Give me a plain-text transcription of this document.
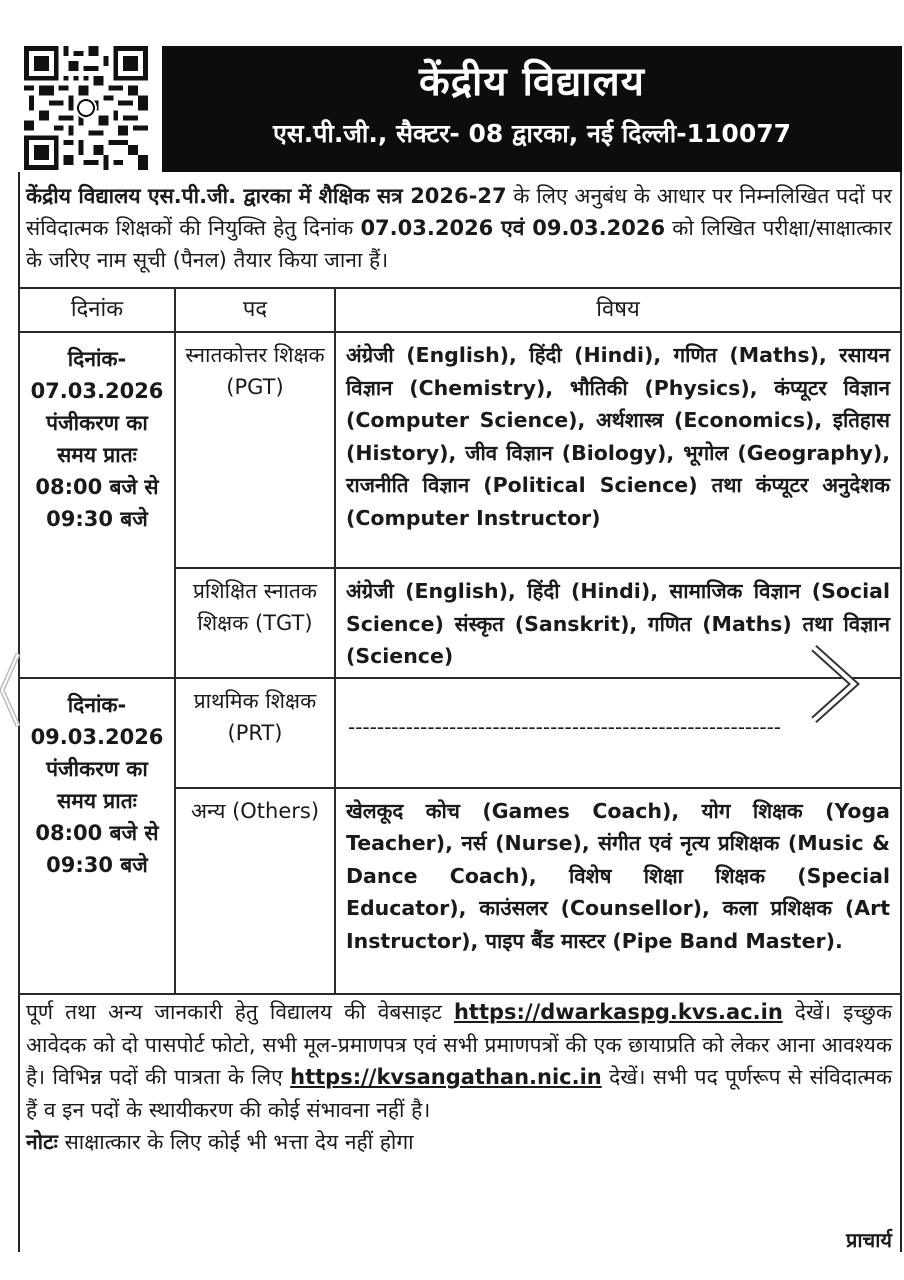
केंद्रीय विद्यालय
एस.पी.जी., सैक्टर- 08 द्वारका, नई दिल्ली-110077
केंद्रीय विद्यालय एस.पी.जी. द्वारका में शैक्षिक सत्र 2026-27 के लिए अनुबंध के आधार पर निम्नलिखित पदों पर संविदात्मक शिक्षकों की नियुक्ति हेतु दिनांक 07.03.2026 एवं 09.03.2026 को लिखित परीक्षा/साक्षात्कार के जरिए नाम सूची (पैनल) तैयार किया जाना हैं।
दिनांक	पद	विषय
दिनांक- 07.03.2026 पंजीकरण का समय प्रातः 08:00 बजे से 09:30 बजे	स्नातकोत्तर शिक्षक (PGT)	अंग्रेजी (English), हिंदी (Hindi), गणित (Maths), रसायन विज्ञान (Chemistry), भौतिकी (Physics), कंप्यूटर विज्ञान (Computer Science), अर्थशास्त्र (Economics), इतिहास (History), जीव विज्ञान (Biology), भूगोल (Geography), राजनीति विज्ञान (Political Science) तथा कंप्यूटर अनुदेशक (Computer Instructor)
	प्रशिक्षित स्नातक शिक्षक (TGT)	अंग्रेजी (English), हिंदी (Hindi), सामाजिक विज्ञान (Social Science) संस्कृत (Sanskrit), गणित (Maths) तथा विज्ञान (Science)
दिनांक- 09.03.2026 पंजीकरण का समय प्रातः 08:00 बजे से 09:30 बजे	प्राथमिक शिक्षक (PRT)	------------------------------------------------------------
	अन्य (Others)	खेलकूद कोच (Games Coach), योग शिक्षक (Yoga Teacher), नर्स (Nurse), संगीत एवं नृत्य प्रशिक्षक (Music & Dance Coach), विशेष शिक्षा शिक्षक (Special Educator), काउंसलर (Counsellor), कला प्रशिक्षक (Art Instructor), पाइप बैंड मास्टर (Pipe Band Master).
पूर्ण तथा अन्य जानकारी हेतु विद्यालय की वेबसाइट https://dwarkaspg.kvs.ac.in देखें। इच्छुक आवेदक को दो पासपोर्ट फोटो, सभी मूल-प्रमाणपत्र एवं सभी प्रमाणपत्रों की एक छायाप्रति को लेकर आना आवश्यक है। विभिन्न पदों की पात्रता के लिए https://kvsangathan.nic.in देखें। सभी पद पूर्णरूप से संविदात्मक हैं व इन पदों के स्थायीकरण की कोई संभावना नहीं है।
नोटः साक्षात्कार के लिए कोई भी भत्ता देय नहीं होगा
प्राचार्य
